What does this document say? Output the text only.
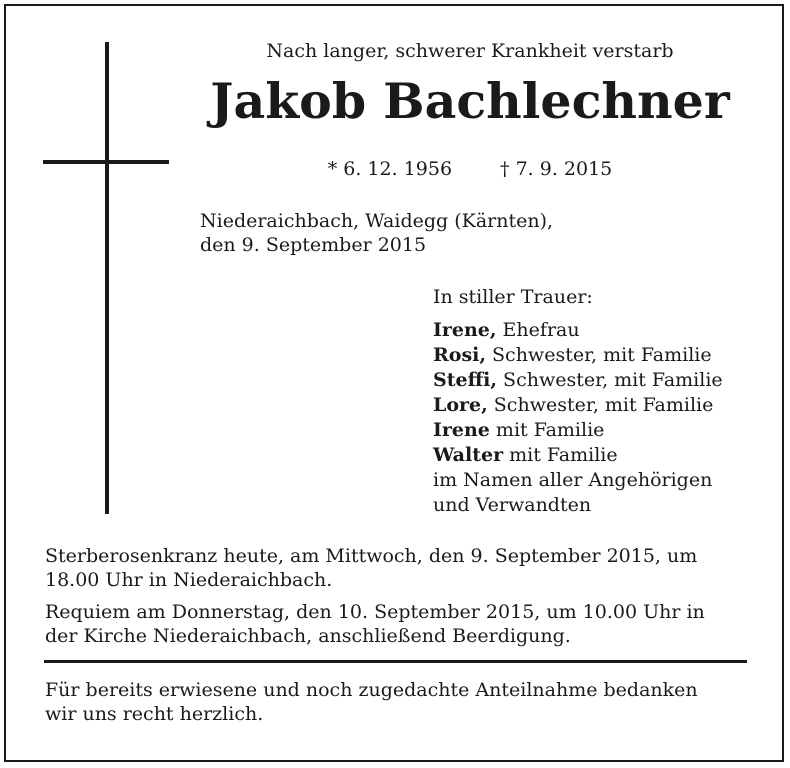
Nach langer, schwerer Krankheit verstarb
Jakob Bachlechner
* 6. 12. 1956	† 7. 9. 2015
Niederaichbach, Waidegg (Kärnten),
den 9. September 2015
In stiller Trauer:
Irene, Ehefrau
Rosi, Schwester, mit Familie
Steffi, Schwester, mit Familie
Lore, Schwester, mit Familie
Irene mit Familie
Walter mit Familie
im Namen aller Angehörigen
und Verwandten
Sterberosenkranz heute, am Mittwoch, den 9. September 2015, um
18.00 Uhr in Niederaichbach.
Requiem am Donnerstag, den 10. September 2015, um 10.00 Uhr in
der Kirche Niederaichbach, anschließend Beerdigung.
Für bereits erwiesene und noch zugedachte Anteilnahme bedanken
wir uns recht herzlich.
